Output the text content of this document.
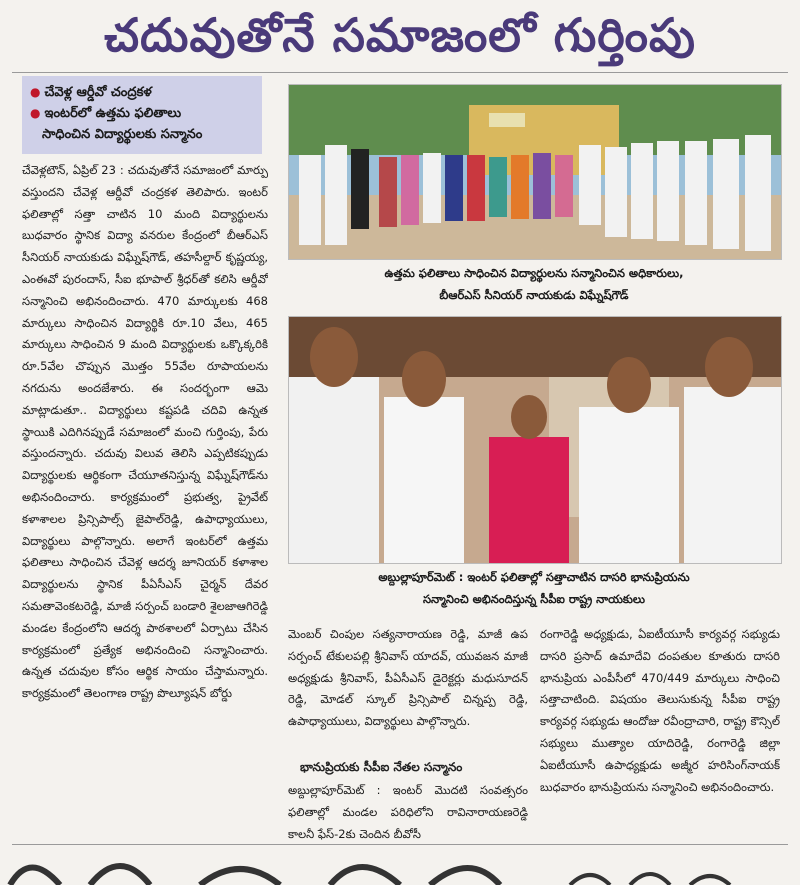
చదువుతోనే సమాజంలో గుర్తింపు
● చేవెళ్ల ఆర్డీవో చంద్రకళ
● ఇంటర్‌లో ఉత్తమ ఫలితాలు
సాధించిన విద్యార్థులకు సన్మానం

చేవెళ్లటౌన్‌, ఏప్రిల్‌ 23 : చదువుతోనే సమాజంలో మార్పు వస్తుందని చేవెళ్ల ఆర్డీవో చంద్రకళ తెలిపారు. ఇంటర్‌ ఫలితాల్లో సత్తా చాటిన 10 మంది విద్యార్థులను బుధవారం స్థానిక విద్యా వనరుల కేంద్రంలో బీఆర్‌ఎస్‌ సీనియర్‌ నాయకుడు విఘ్నేష్‌గౌడ్‌, తహసీల్దార్‌ కృష్ణయ్య, ఎంఈవో పురందాస్‌, సీఐ భూపాల్‌ శ్రీధర్‌తో కలిసి ఆర్డీవో సన్మానించి అభినందించారు. 470 మార్కులకు 468 మార్కులు సాధించిన విద్యార్థికి రూ.10 వేలు, 465 మార్కులు సాధించిన 9 మంది విద్యార్థులకు ఒక్కొక్కరికి రూ.5వేల చొప్పున మొత్తం 55వేల రూపాయలను నగదును అందజేశారు. ఈ సందర్భంగా ఆమె మాట్లాడుతూ.. విద్యార్థులు కష్టపడి చదివి ఉన్నత స్థాయికి ఎదిగినప్పుడే సమాజంలో మంచి గుర్తింపు, పేరు వస్తుందన్నారు. చదువు విలువ తెలిసి ఎప్పటికప్పుడు విద్యార్థులకు ఆర్థికంగా చేయూతనిస్తున్న విఘ్నేష్‌గౌడ్‌ను అభినందించారు. కార్యక్రమంలో ప్రభుత్వ, ప్రైవేట్‌ కళాశాలల ప్రిన్సిపాల్స్‌ జైపాల్‌రెడ్డి, ఉపాధ్యాయులు, విద్యార్థులు పాల్గొన్నారు. అలాగే ఇంటర్‌లో ఉత్తమ ఫలితాలు సాధించిన చేవెళ్ల ఆదర్శ జూనియర్‌ కళాశాల విద్యార్థులను స్థానిక పీఏసీఎస్‌ చైర్మన్‌ దేవర సమతావెంకటరెడ్డి, మాజీ సర్పంచ్‌ బండారి శైలజాఆగిరెడ్డి మండల కేంద్రంలోని ఆదర్శ పాఠశాలలో ఏర్పాటు చేసిన కార్యక్రమంలో ప్రత్యేక అభినందించి సన్మానించారు. ఉన్నత చదువుల కోసం ఆర్థిక సాయం చేస్తామన్నారు. కార్యక్రమంలో తెలంగాణ రాష్ట్ర పొల్యూషన్‌ బోర్డు

ఉత్తమ ఫలితాలు సాధించిన విద్యార్థులను సన్మానించిన అధికారులు,
బీఆర్‌ఎస్‌ సీనియర్‌ నాయకుడు విఘ్నేష్‌గౌడ్‌
అబ్దుల్లాపూర్‌మెట్‌ : ఇంటర్‌ ఫలితాల్లో సత్తాచాటిన దాసరి భానుప్రియను
సన్మానించి అభినందిస్తున్న సీపీఐ రాష్ట్ర నాయకులు

మెంబర్‌ చింపుల సత్యనారాయణ రెడ్డి, మాజీ ఉప సర్పంచ్‌ టేకులపల్లి శ్రీనివాస్‌ యాదవ్‌, యువజన మాజీ అధ్యక్షుడు శ్రీనివాస్‌, పీఏసీఎస్‌ డైరెక్టర్లు మధుసూదన్‌ రెడ్డి, మోడల్‌ స్కూల్‌ ప్రిన్సిపాల్‌ చిన్నప్ప రెడ్డి, ఉపాధ్యాయులు, విద్యార్థులు పాల్గొన్నారు.

భానుప్రియకు సీపీఐ నేతల సన్మానం

అబ్దుల్లాపూర్‌మెట్‌ : ఇంటర్‌ మొదటి సంవత్సరం ఫలితాల్లో మండల పరిధిలోని రావినారాయణరెడ్డి కాలనీ ఫేస్‌-2కు చెందిన బీవోసీ

రంగారెడ్డి అధ్యక్షుడు, ఏఐటీయూసీ కార్యవర్గ సభ్యుడు దాసరి ప్రసాద్‌ ఉమాదేవి దంపతుల కూతురు దాసరి భానుప్రియ ఎంపీసీలో 470/449 మార్కులు సాధించి సత్తాచాటింది. విషయం తెలుసుకున్న సీపీఐ రాష్ట్ర కార్యవర్గ సభ్యుడు ఆందోజు రవీంద్రాచారి, రాష్ట్ర కౌన్సిల్‌ సభ్యులు ముత్యాల యాదిరెడ్డి, రంగారెడ్డి జిల్లా ఏఐటీయూసీ ఉపాధ్యక్షుడు అజ్మీర హరిసింగ్‌నాయక్‌ బుధవారం భానుప్రియను సన్మానించి అభినందించారు.
